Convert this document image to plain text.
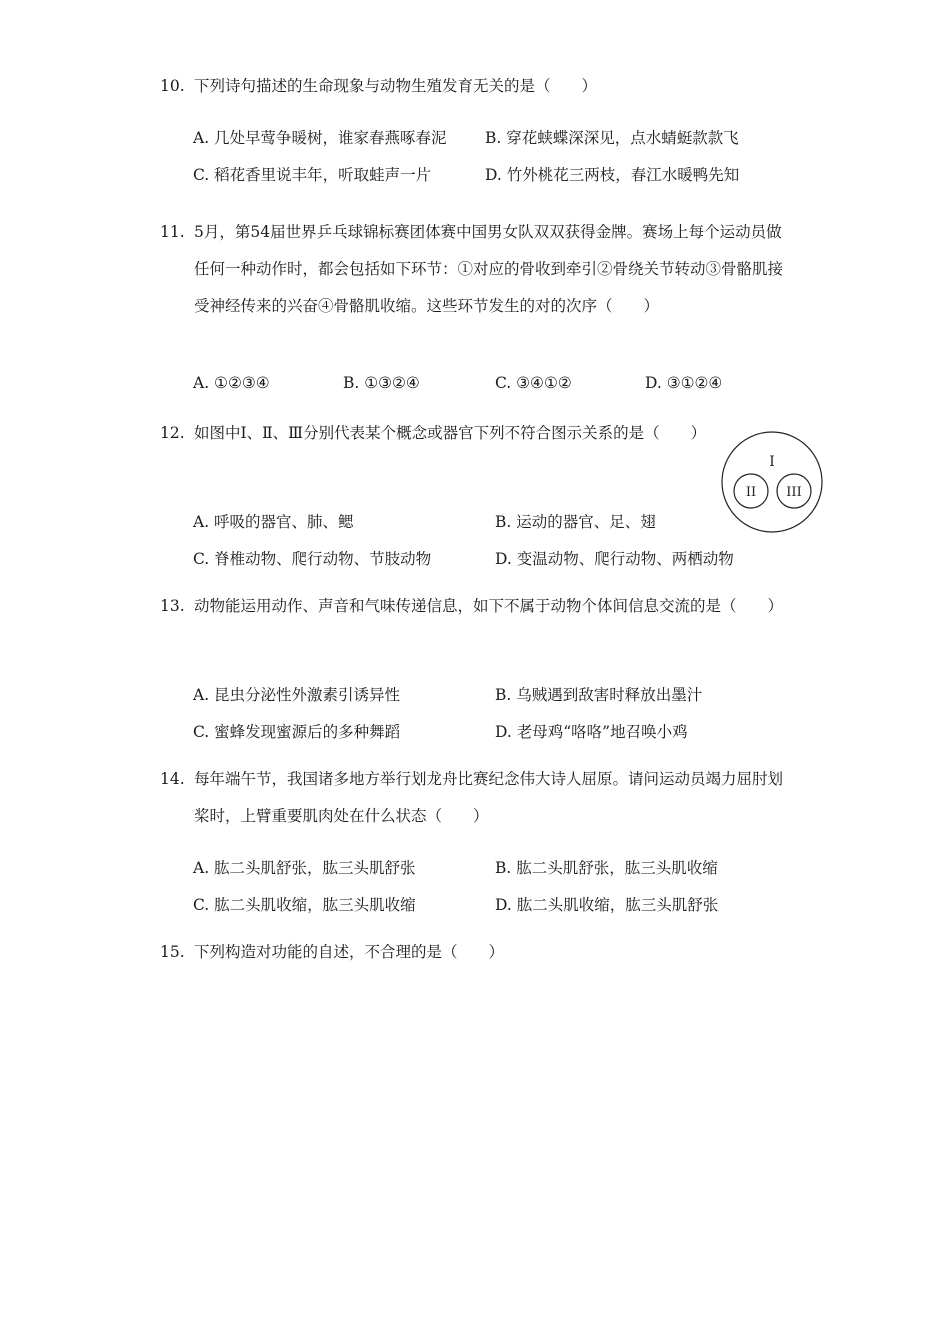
10. 下列诗句描述的生命现象与动物生殖发育无关的是（　　）
A. 几处早莺争暖树，谁家春燕啄春泥 B. 穿花蛱蝶深深见，点水蜻蜓款款飞
C. 稻花香里说丰年，听取蛙声一片	D. 竹外桃花三两枝，春江水暖鸭先知
11. 5月，第54届世界乒乓球锦标赛团体赛中国男女队双双获得金牌。赛场上每个运动员做任何一种动作时，都会包括如下环节：①对应的骨收到牵引②骨绕关节转动③骨骼肌接受神经传来的兴奋④骨骼肌收缩。这些环节发生的对的次序（　　）
A. ①②③④	B. ①③②④	C. ③④①②	D. ③①②④
12. 如图中Ⅰ、Ⅱ、Ⅲ分别代表某个概念或器官下列不符合图示关系的是（　　）
I
II III
A. 呼吸的器官、肺、鳃	B. 运动的器官、足、翅
C. 脊椎动物、爬行动物、节肢动物	D. 变温动物、爬行动物、两栖动物
13. 动物能运用动作、声音和气味传递信息，如下不属于动物个体间信息交流的是（　　）
A. 昆虫分泌性外激素引诱异性	B. 乌贼遇到敌害时释放出墨汁
C. 蜜蜂发现蜜源后的多种舞蹈	D. 老母鸡“咯咯”地召唤小鸡
14. 每年端午节，我国诸多地方举行划龙舟比赛纪念伟大诗人屈原。请问运动员竭力屈肘划桨时，上臂重要肌肉处在什么状态（　　）
A. 肱二头肌舒张，肱三头肌舒张	B. 肱二头肌舒张，肱三头肌收缩
C. 肱二头肌收缩，肱三头肌收缩	D. 肱二头肌收缩，肱三头肌舒张
15. 下列构造对功能的自述，不合理的是（　　）
